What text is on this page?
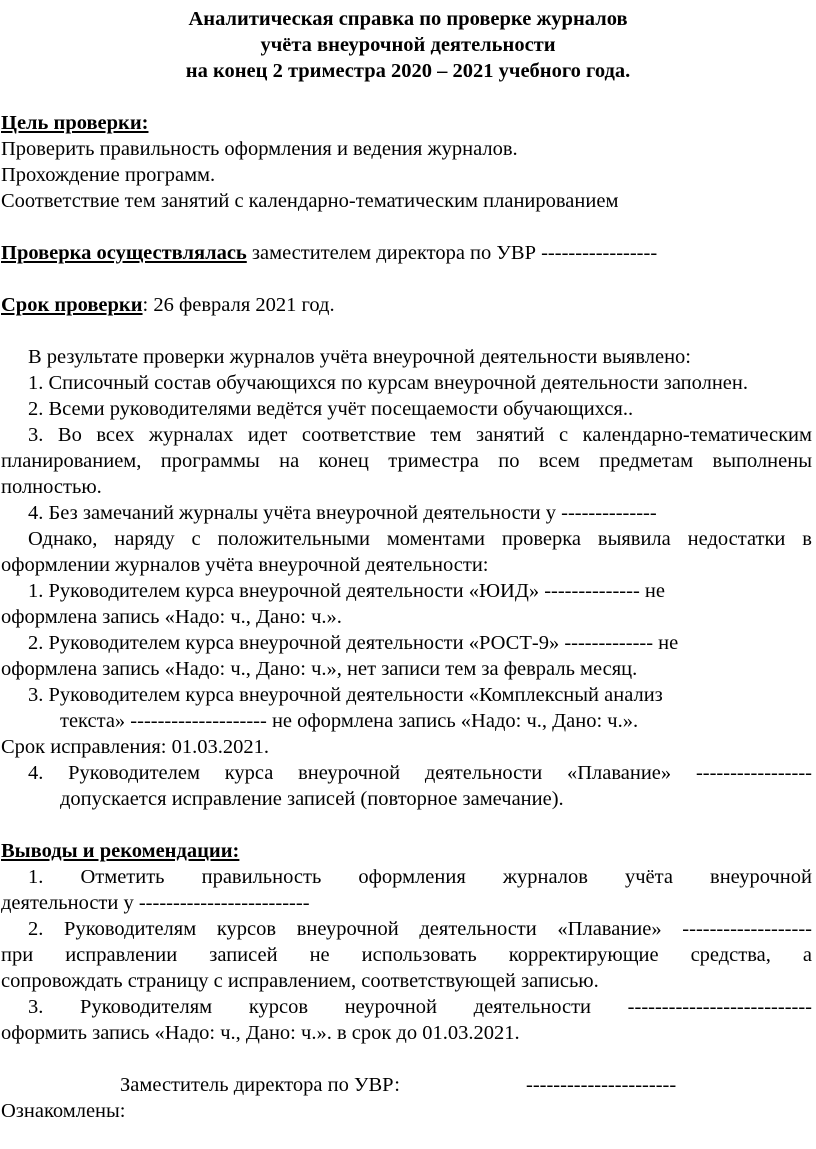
Аналитическая справка по проверке журналов
учёта внеурочной деятельности
на конец 2 триместра 2020 – 2021 учебного года.
Цель проверки:
Проверить правильность оформления и ведения журналов.
Прохождение программ.
Соответствие тем занятий с календарно-тематическим планированием
Проверка осуществлялась заместителем директора по УВР -----------------
Срок проверки: 26 февраля 2021 год.
В результате проверки журналов учёта внеурочной деятельности выявлено:
1. Списочный состав обучающихся по курсам внеурочной деятельности заполнен.
2. Всеми руководителями ведётся учёт посещаемости обучающихся..
3. Во всех журналах идет соответствие тем занятий с календарно-тематическим
планированием, программы на конец триместра по всем предметам выполнены
полностью.
4. Без замечаний журналы учёта внеурочной деятельности у --------------
Однако, наряду с положительными моментами проверка выявила недостатки в
оформлении журналов учёта внеурочной деятельности:
1. Руководителем курса внеурочной деятельности «ЮИД» -------------- не
оформлена запись «Надо: ч., Дано: ч.».
2. Руководителем курса внеурочной деятельности «РОСТ-9» ------------- не
оформлена запись «Надо: ч., Дано: ч.», нет записи тем за февраль месяц.
3. Руководителем курса внеурочной деятельности «Комплексный анализ
текста» -------------------- не оформлена запись «Надо: ч., Дано: ч.».
Срок исправления: 01.03.2021.
4. Руководителем курса внеурочной деятельности «Плавание» -----------------
допускается исправление записей (повторное замечание).
Выводы и рекомендации:
1. Отметить правильность оформления журналов учёта внеурочной
деятельности у -------------------------
2. Руководителям курсов внеурочной деятельности «Плавание» -------------------
при исправлении записей не использовать корректирующие средства, а
сопровождать страницу с исправлением, соответствующей записью.
3. Руководителям курсов неурочной деятельности ---------------------------
оформить запись «Надо: ч., Дано: ч.». в срок до 01.03.2021.
Заместитель директора по УВР:	----------------------
Ознакомлены:
